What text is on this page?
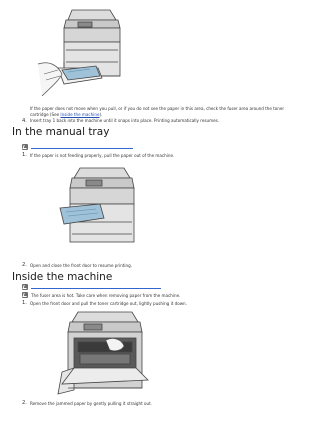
If the paper does not move when you pull, or if you do not see the paper in this area, check the fuser area around the toner cartridge (See Inside the machine).
4. Insert tray 1 back into the machine until it snaps into place. Printing automatically resumes.
In the manual tray
1. If the paper is not feeding properly, pull the paper out of the machine.
2. Open and close the front door to resume printing.
Inside the machine
The fuser area is hot. Take care when removing paper from the machine.
1. Open the front door and pull the toner cartridge out, lightly pushing it down.
2. Remove the jammed paper by gently pulling it straight out.
